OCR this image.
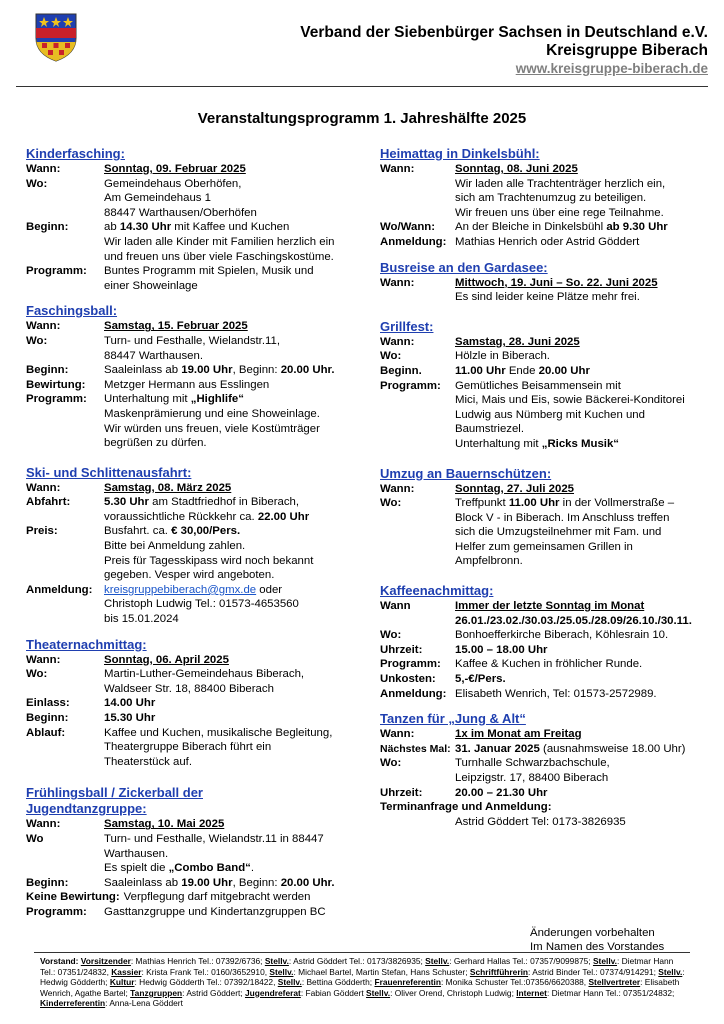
Verband der Siebenbürger Sachsen in Deutschland e.V.
Kreisgruppe Biberach
www.kreisgruppe-biberach.de
Veranstaltungsprogramm 1. Jahreshälfte 2025
Kinderfasching:
Wann:	Sonntag, 09. Februar 2025
Wo:	Gemeindehaus Oberhöfen,
Am Gemeindehaus 1
88447 Warthausen/Oberhöfen
Beginn:	ab 14.30 Uhr mit Kaffee und Kuchen
Wir laden alle Kinder mit Familien herzlich ein
und freuen uns über viele Faschingskostüme.
Programm:	Buntes Programm mit Spielen, Musik und
einer Showeinlage
Faschingsball:
Wann:	Samstag, 15. Februar 2025
Wo:	Turn- und Festhalle, Wielandstr.11,
88447 Warthausen.
Beginn:	Saaleinlass ab 19.00 Uhr, Beginn: 20.00 Uhr.
Bewirtung:	Metzger Hermann aus Esslingen
Programm:	Unterhaltung mit „Highlife“
Maskenprämierung und eine Showeinlage.
Wir würden uns freuen, viele Kostümträger
begrüßen zu dürfen.
Ski- und Schlittenausfahrt:
Wann:	Samstag, 08. März 2025
Abfahrt:	5.30 Uhr am Stadtfriedhof in Biberach,
voraussichtliche Rückkehr ca. 22.00 Uhr
Preis:	Busfahrt. ca. € 30,00/Pers.
Bitte bei Anmeldung zahlen.
Preis für Tagesskipass wird noch bekannt
gegeben. Vesper wird angeboten.
Anmeldung:	kreisgruppebiberach@gmx.de oder
Christoph Ludwig Tel.: 01573-4653560
bis 15.01.2024
Theaternachmittag:
Wann:	Sonntag, 06. April 2025
Wo:	Martin-Luther-Gemeindehaus Biberach,
Waldseer Str. 18, 88400 Biberach
Einlass:	14.00 Uhr
Beginn:	15.30 Uhr
Ablauf:	Kaffee und Kuchen, musikalische Begleitung,
Theatergruppe Biberach führt ein
Theaterstück auf.
Frühlingsball / Zickerball der
Jugendtanzgruppe:
Wann:	Samstag, 10. Mai 2025
Wo	Turn- und Festhalle, Wielandstr.11 in 88447
Warthausen.
Es spielt die „Combo Band“.
Beginn:	Saaleinlass ab 19.00 Uhr, Beginn: 20.00 Uhr.
Keine Bewirtung: Verpflegung darf mitgebracht werden
Programm:	Gasttanzgruppe und Kindertanzgruppen BC
Heimattag in Dinkelsbühl:
Wann:	Sonntag, 08. Juni 2025
Wir laden alle Trachtenträger herzlich ein,
sich am Trachtenumzug zu beteiligen.
Wir freuen uns über eine rege Teilnahme.
Wo/Wann:	An der Bleiche in Dinkelsbühl ab 9.30 Uhr
Anmeldung: Mathias Henrich oder Astrid Göddert
Busreise an den Gardasee:
Wann:	Mittwoch, 19. Juni – So. 22. Juni 2025
Es sind leider keine Plätze mehr frei.
Grillfest:
Wann:	Samstag, 28. Juni 2025
Wo:	Hölzle in Biberach.
Beginn.	11.00 Uhr Ende 20.00 Uhr
Programm:	Gemütliches Beisammensein mit
Mici, Mais und Eis, sowie Bäckerei-Konditorei
Ludwig aus Nümberg mit Kuchen und
Baumstriezel.
Unterhaltung mit „Ricks Musik“
Umzug an Bauernschützen:
Wann:	Sonntag, 27. Juli 2025
Wo:	Treffpunkt 11.00 Uhr in der Vollmerstraße –
Block V - in Biberach. Im Anschluss treffen
sich die Umzugsteilnehmer mit Fam. und
Helfer zum gemeinsamen Grillen in
Ampfelbronn.
Kaffeenachmittag:
Wann	Immer der letzte Sonntag im Monat
26.01./23.02./30.03./25.05./28.09/26.10./30.11.
Wo:	Bonhoefferkirche Biberach, Köhlesrain 10.
Uhrzeit:	15.00 – 18.00 Uhr
Programm:	Kaffee & Kuchen in fröhlicher Runde.
Unkosten:	5,-€/Pers.
Anmeldung: Elisabeth Wenrich, Tel: 01573-2572989.
Tanzen für „Jung & Alt“
Wann:	1x im Monat am Freitag
Nächstes Mal: 31. Januar 2025 (ausnahmsweise 18.00 Uhr)
Wo:	Turnhalle Schwarzbachschule,
Leipzigstr. 17, 88400 Biberach
Uhrzeit:	20.00 – 21.30 Uhr
Terminanfrage und Anmeldung:
Astrid Göddert Tel: 0173-3826935
Änderungen vorbehalten
Im Namen des Vorstandes
Vorstand: Vorsitzender: Mathias Henrich Tel.: 07392/6736; Stellv.: Astrid Göddert Tel.: 0173/3826935; Stellv.: Gerhard Hallas Tel.: 07357/9099875; Stellv.: Dietmar Hann Tel.: 07351/24832, Kassier: Krista Frank Tel.: 0160/3652910, Stellv.: Michael Bartel, Martin Stefan, Hans Schuster; Schriftführerin: Astrid Binder Tel.: 07374/914291; Stellv.: Hedwig Gödderth; Kultur: Hedwig Gödderth Tel.: 07392/18422, Stellv.: Bettina Gödderth; Frauenreferentin: Monika Schuster Tel.:07356/6620388, Stellvertreter: Elisabeth Wenrich, Agathe Bartel; Tanzgruppen: Astrid Göddert; Jugendreferat: Fabian Göddert Stellv.: Oliver Orend, Christoph Ludwig; Internet: Dietmar Hann Tel.: 07351/24832; Kinderreferentin: Anna-Lena Göddert
